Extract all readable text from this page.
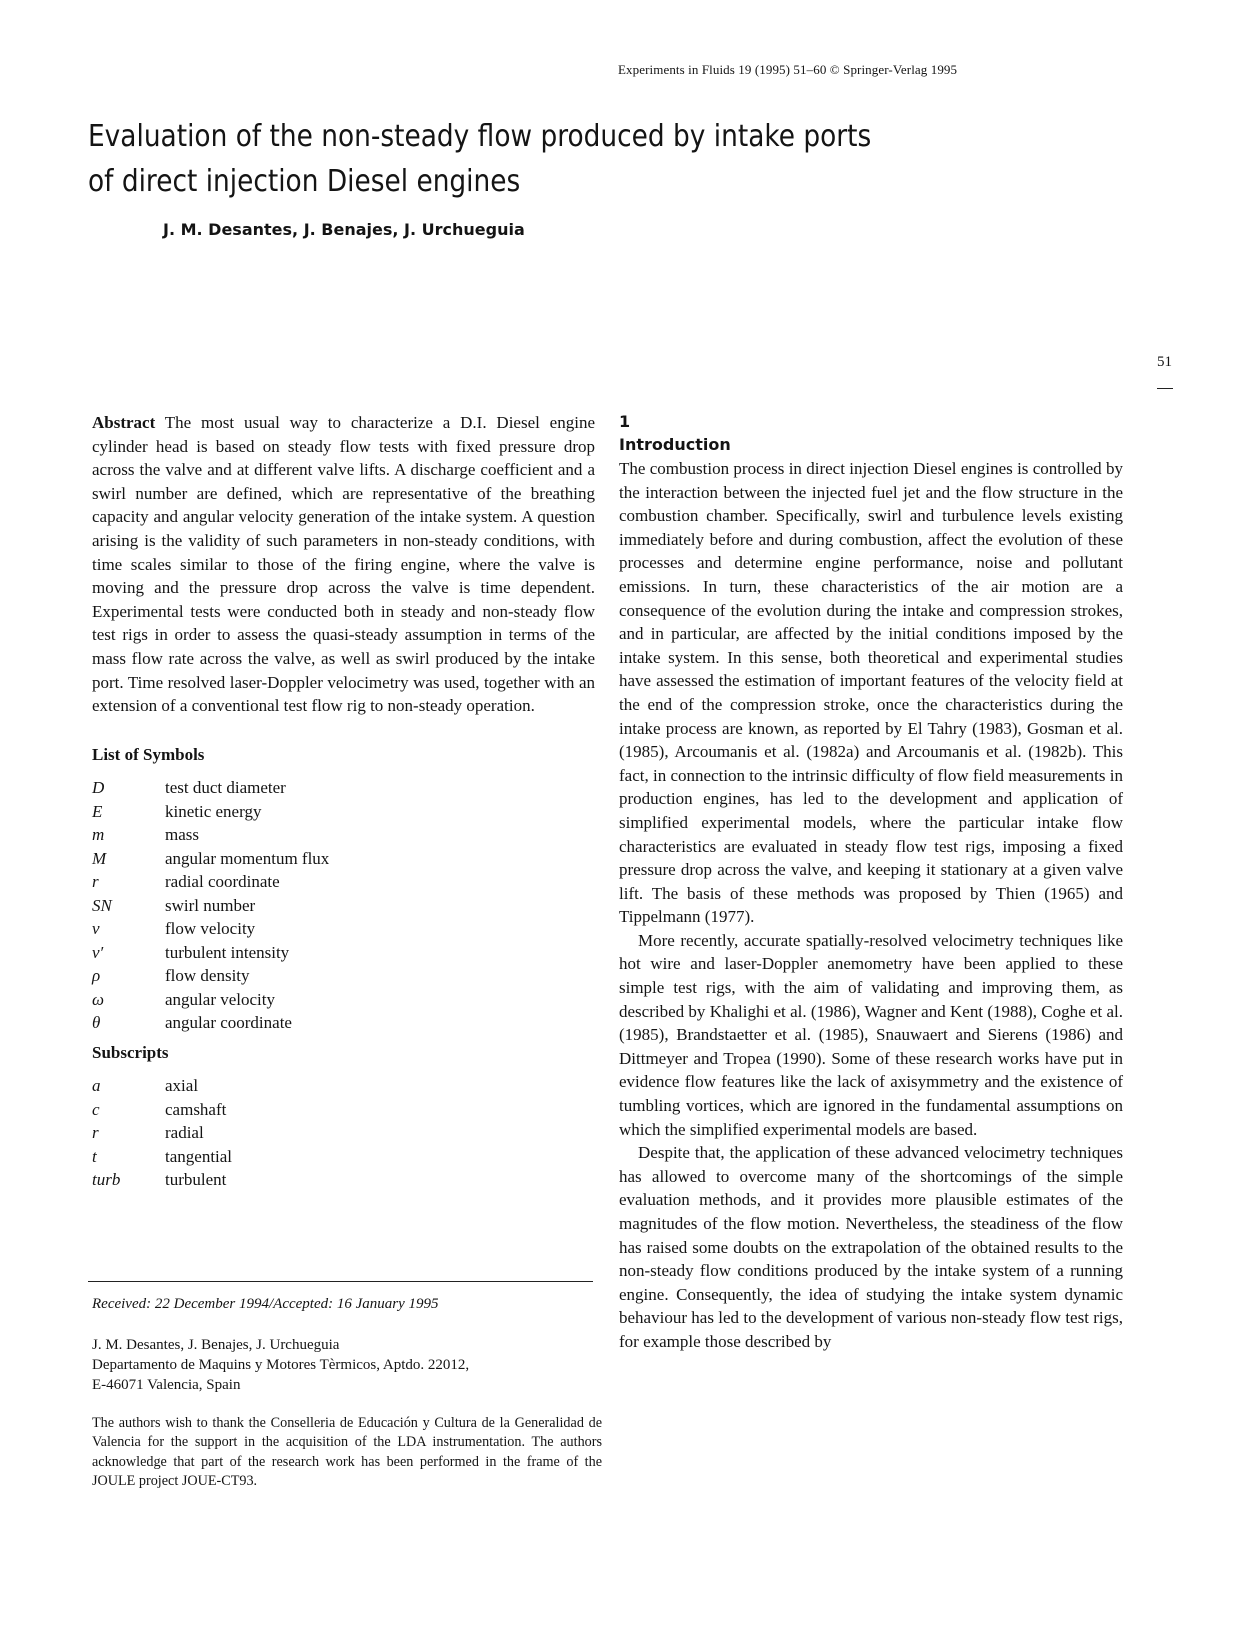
Experiments in Fluids 19 (1995) 51–60 © Springer-Verlag 1995
Evaluation of the non-steady flow produced by intake ports
of direct injection Diesel engines
J. M. Desantes, J. Benajes, J. Urchueguia
51

Abstract The most usual way to characterize a D.I. Diesel engine cylinder head is based on steady flow tests with fixed pressure drop across the valve and at different valve lifts. A discharge coefficient and a swirl number are defined, which are representative of the breathing capacity and angular velocity generation of the intake system. A question arising is the validity of such parameters in non-steady conditions, with time scales similar to those of the firing engine, where the valve is moving and the pressure drop across the valve is time dependent. Experimental tests were conducted both in steady and non-steady flow test rigs in order to assess the quasi-steady assumption in terms of the mass flow rate across the valve, as well as swirl produced by the intake port. Time resolved laser-Doppler velocimetry was used, together with an extension of a conventional test flow rig to non-steady operation.

List of Symbols
D	test duct diameter
E	kinetic energy
m	mass
M	angular momentum flux
r	radial coordinate
SN	swirl number
v	flow velocity
v′	turbulent intensity
ρ	flow density
ω	angular velocity
θ	angular coordinate
Subscripts
a	axial
c	camshaft
r	radial
t	tangential
turb	turbulent
Received: 22 December 1994/Accepted: 16 January 1995
J. M. Desantes, J. Benajes, J. Urchueguia
Departamento de Maquins y Motores Tèrmicos, Aptdo. 22012,
E-46071 Valencia, Spain
The authors wish to thank the Conselleria de Educación y Cultura de la Generalidad de Valencia for the support in the acquisition of the LDA instrumentation. The authors acknowledge that part of the research work has been performed in the frame of the JOULE project JOUE-CT93.
1
Introduction

The combustion process in direct injection Diesel engines is controlled by the interaction between the injected fuel jet and the flow structure in the combustion chamber. Specifically, swirl and turbulence levels existing immediately before and during combustion, affect the evolution of these processes and determine engine performance, noise and pollutant emissions. In turn, these characteristics of the air motion are a consequence of the evolution during the intake and compression strokes, and in particular, are affected by the initial conditions imposed by the intake system. In this sense, both theoretical and experimental studies have assessed the estimation of important features of the velocity field at the end of the compression stroke, once the characteristics during the intake process are known, as reported by El Tahry (1983), Gosman et al. (1985), Arcoumanis et al. (1982a) and Arcoumanis et al. (1982b). This fact, in connection to the intrinsic difficulty of flow field measurements in production engines, has led to the development and application of simplified experimental models, where the particular intake flow characteristics are evaluated in steady flow test rigs, imposing a fixed pressure drop across the valve, and keeping it stationary at a given valve lift. The basis of these methods was proposed by Thien (1965) and Tippelmann (1977).

More recently, accurate spatially-resolved velocimetry techniques like hot wire and laser-Doppler anemometry have been applied to these simple test rigs, with the aim of validating and improving them, as described by Khalighi et al. (1986), Wagner and Kent (1988), Coghe et al. (1985), Brandstaetter et al. (1985), Snauwaert and Sierens (1986) and Dittmeyer and Tropea (1990). Some of these research works have put in evidence flow features like the lack of axisymmetry and the existence of tumbling vortices, which are ignored in the fundamental assumptions on which the simplified experimental models are based.

Despite that, the application of these advanced velocimetry techniques has allowed to overcome many of the shortcomings of the simple evaluation methods, and it provides more plausible estimates of the magnitudes of the flow motion. Nevertheless, the steadiness of the flow has raised some doubts on the extrapolation of the obtained results to the non-steady flow conditions produced by the intake system of a running engine. Consequently, the idea of studying the intake system dynamic behaviour has led to the development of various non-steady flow test rigs, for example those described by
